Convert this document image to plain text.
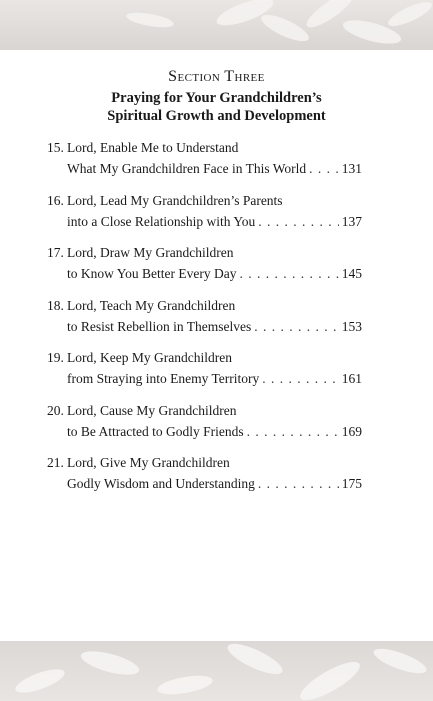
Section Three
Praying for Your Grandchildren’s
Spiritual Growth and Development
15. Lord, Enable Me to Understand
What My Grandchildren Face in This World . . .	131
16. Lord, Lead My Grandchildren’s Parents
into a Close Relationship with You . . .	137
17. Lord, Draw My Grandchildren
to Know You Better Every Day . . .	145
18. Lord, Teach My Grandchildren
to Resist Rebellion in Themselves . . .	153
19. Lord, Keep My Grandchildren
from Straying into Enemy Territory . . .	161
20. Lord, Cause My Grandchildren
to Be Attracted to Godly Friends . . .	169
21. Lord, Give My Grandchildren
Godly Wisdom and Understanding . . .	175
